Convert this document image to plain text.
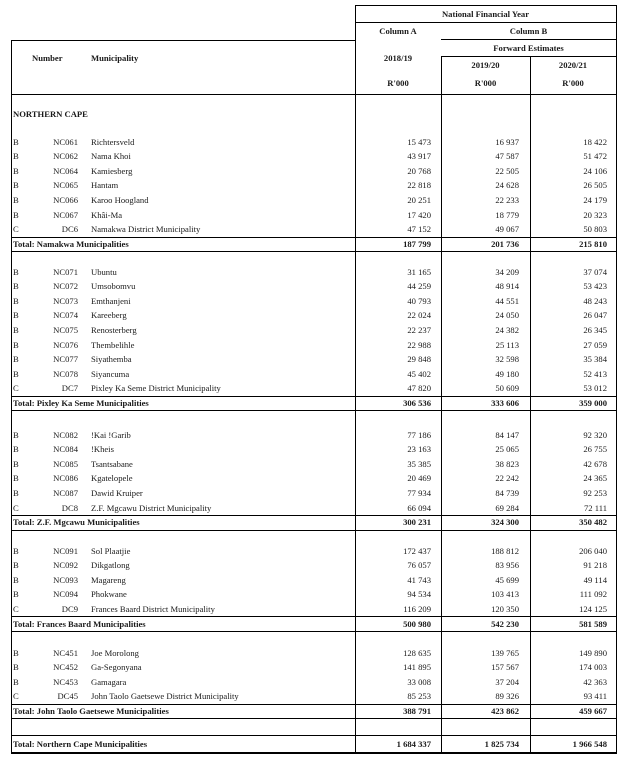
National Financial Year
Column A	Column B
Forward Estimates
Number	Municipality	2018/19
2019/20	2020/21
R'000	R'000	R'000
NORTHERN CAPE
B	NC061 Richtersveld	15 473	16 937	18 422
B	NC062 Nama Khoi	43 917	47 587	51 472
B	NC064 Kamiesberg	20 768	22 505	24 106
B	NC065 Hantam	22 818	24 628	26 505
B	NC066 Karoo Hoogland	20 251	22 233	24 179
B	NC067 Khâi-Ma	17 420	18 779	20 323
C	DC6 Namakwa District Municipality	47 152	49 067	50 803
Total: Namakwa Municipalities	187 799	201 736	215 810
B	NC071 Ubuntu	31 165	34 209	37 074
B	NC072 Umsobomvu	44 259	48 914	53 423
B	NC073 Emthanjeni	40 793	44 551	48 243
B	NC074 Kareeberg	22 024	24 050	26 047
B	NC075 Renosterberg	22 237	24 382	26 345
B	NC076 Thembelihle	22 988	25 113	27 059
B	NC077 Siyathemba	29 848	32 598	35 384
B	NC078 Siyancuma	45 402	49 180	52 413
C	DC7 Pixley Ka Seme District Municipality	47 820	50 609	53 012
Total: Pixley Ka Seme Municipalities	306 536	333 606	359 000
B	NC082 !Kai !Garib	77 186	84 147	92 320
B	NC084 !Kheis	23 163	25 065	26 755
B	NC085 Tsantsabane	35 385	38 823	42 678
B	NC086 Kgatelopele	20 469	22 242	24 365
B	NC087 Dawid Kruiper	77 934	84 739	92 253
C	DC8 Z.F. Mgcawu District Municipality	66 094	69 284	72 111
Total: Z.F. Mgcawu Municipalities	300 231	324 300	350 482
B	NC091 Sol Plaatjie	172 437	188 812	206 040
B	NC092 Dikgatlong	76 057	83 956	91 218
B	NC093 Magareng	41 743	45 699	49 114
B	NC094 Phokwane	94 534	103 413	111 092
C	DC9 Frances Baard District Municipality	116 209	120 350	124 125
Total: Frances Baard Municipalities	500 980	542 230	581 589
B	NC451 Joe Morolong	128 635	139 765	149 890
B	NC452 Ga-Segonyana	141 895	157 567	174 003
B	NC453 Gamagara	33 008	37 204	42 363
C	DC45 John Taolo Gaetsewe District Municipality	85 253	89 326	93 411
Total: John Taolo Gaetsewe Municipalities	388 791	423 862	459 667
Total: Northern Cape Municipalities	1 684 337	1 825 734	1 966 548
